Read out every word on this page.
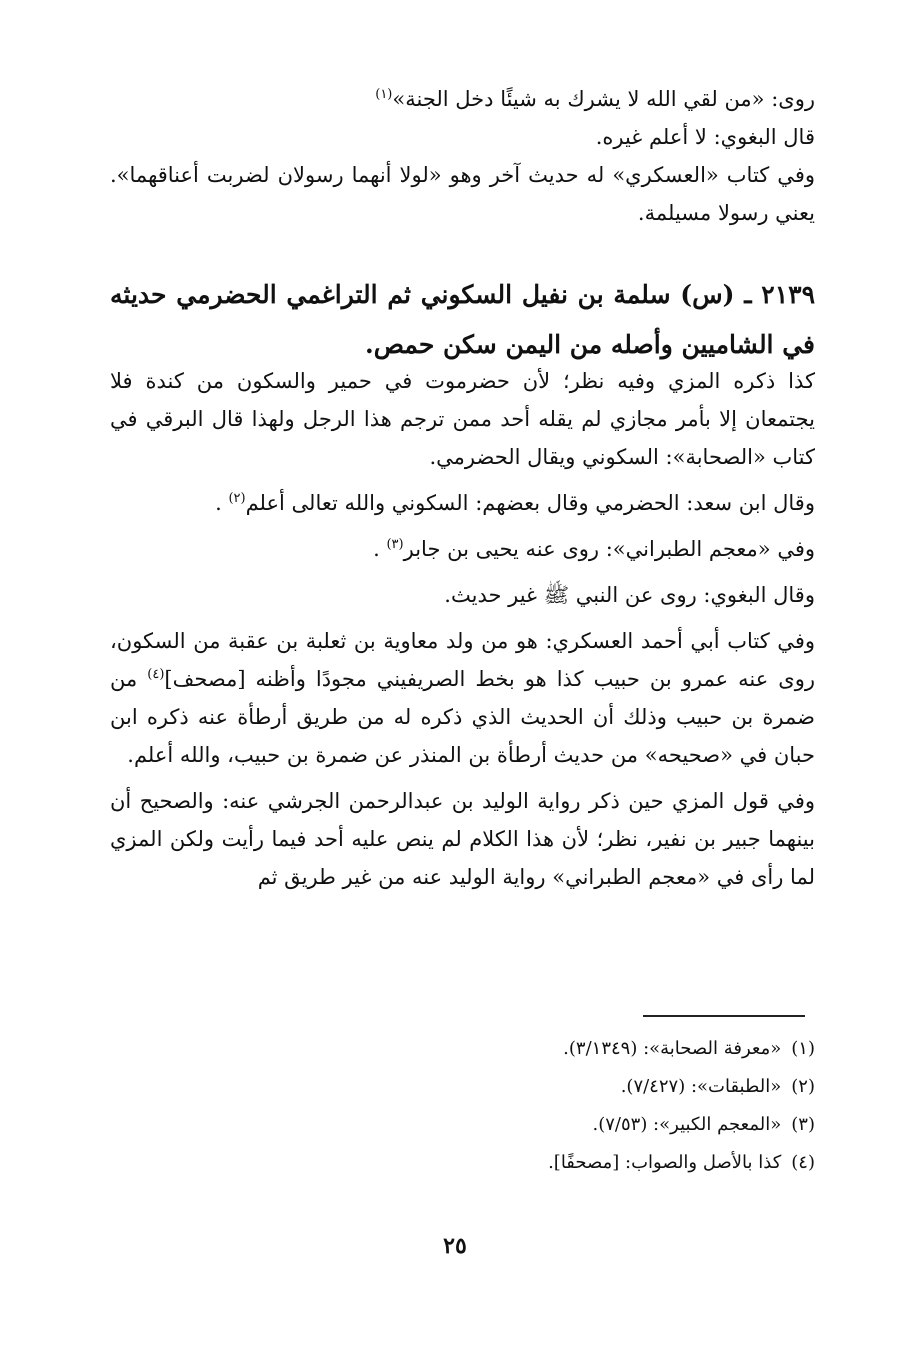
روى: «من لقي الله لا يشرك به شيئًا دخل الجنة»$^{(١)}$

قال البغوي: لا أعلم غيره.

وفي كتاب «العسكري» له حديث آخر وهو «لولا أنهما رسولان لضربت أعناقهما». يعني رسولا مسيلمة.

٢١٣٩ ـ (س) سلمة بن نفيل السكوني ثم التراغمي الحضرمي حديثه في الشاميين وأصله من اليمن سكن حمص.

كذا ذكره المزي وفيه نظر؛ لأن حضرموت في حمير والسكون من كندة فلا يجتمعان إلا بأمر مجازي لم يقله أحد ممن ترجم هذا الرجل ولهذا قال البرقي في كتاب «الصحابة»: السكوني ويقال الحضرمي.

وقال ابن سعد: الحضرمي وقال بعضهم: السكوني والله تعالى أعلم$^{(٢)}$ .

وفي «معجم الطبراني»: روى عنه يحيى بن جابر$^{(٣)}$ .

وقال البغوي: روى عن النبي ﷺ غير حديث.

وفي كتاب أبي أحمد العسكري: هو من ولد معاوية بن ثعلبة بن عقبة من السكون، روى عنه عمرو بن حبيب كذا هو بخط الصريفيني مجودًا وأظنه [مصحف]$^{(٤)}$ من ضمرة بن حبيب وذلك أن الحديث الذي ذكره له من طريق أرطأة عنه ذكره ابن حبان في «صحيحه» من حديث أرطأة بن المنذر عن ضمرة بن حبيب، والله أعلم.

وفي قول المزي حين ذكر رواية الوليد بن عبدالرحمن الجرشي عنه: والصحيح أن بينهما جبير بن نفير، نظر؛ لأن هذا الكلام لم ينص عليه أحد فيما رأيت ولكن المزي لما رأى في «معجم الطبراني» رواية الوليد عنه من غير طريق ثم

(١)«معرفة الصحابة»: (٣/١٣٤٩).

(٢)«الطبقات»: (٧/٤٢٧).

(٣)«المعجم الكبير»: (٧/٥٣).

(٤)كذا بالأصل والصواب: [مصحفًا].

٢٥
